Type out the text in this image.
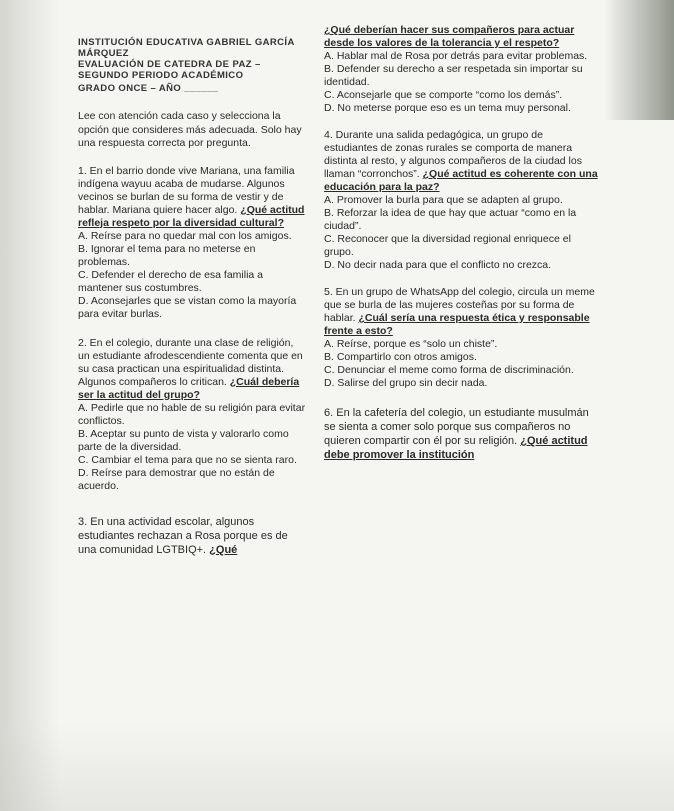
INSTITUCIÓN EDUCATIVA GABRIEL GARCÍA
MÁRQUEZ
EVALUACIÓN DE CATEDRA DE PAZ –
SEGUNDO PERIODO ACADÉMICO
GRADO ONCE – AÑO ______

Lee con atención cada caso y selecciona la opción que consideres más adecuada. Solo hay una respuesta correcta por pregunta.

1. En el barrio donde vive Mariana, una familia indígena wayuu acaba de mudarse. Algunos vecinos se burlan de su forma de vestir y de hablar. Mariana quiere hacer algo. ¿Qué actitud refleja respeto por la diversidad cultural?

A. Reírse para no quedar mal con los amigos.

B. Ignorar el tema para no meterse en problemas.

C. Defender el derecho de esa familia a mantener sus costumbres.

D. Aconsejarles que se vistan como la mayoría para evitar burlas.

2. En el colegio, durante una clase de religión, un estudiante afrodescendiente comenta que en su casa practican una espiritualidad distinta. Algunos compañeros lo critican. ¿Cuál debería ser la actitud del grupo?

A. Pedirle que no hable de su religión para evitar conflictos.

B. Aceptar su punto de vista y valorarlo como parte de la diversidad.

C. Cambiar el tema para que no se sienta raro.

D. Reírse para demostrar que no están de acuerdo.

3. En una actividad escolar, algunos estudiantes rechazan a Rosa porque es de una comunidad LGTBIQ+. ¿Qué

¿Qué deberían hacer sus compañeros para actuar desde los valores de la tolerancia y el respeto?

A. Hablar mal de Rosa por detrás para evitar problemas.

B. Defender su derecho a ser respetada sin importar su identidad.

C. Aconsejarle que se comporte “como los demás”.

D. No meterse porque eso es un tema muy personal.

4. Durante una salida pedagógica, un grupo de estudiantes de zonas rurales se comporta de manera distinta al resto, y algunos compañeros de la ciudad los llaman “corronchos”. ¿Qué actitud es coherente con una educación para la paz?

A. Promover la burla para que se adapten al grupo.

B. Reforzar la idea de que hay que actuar “como en la ciudad”.

C. Reconocer que la diversidad regional enriquece el grupo.

D. No decir nada para que el conflicto no crezca.

5. En un grupo de WhatsApp del colegio, circula un meme que se burla de las mujeres costeñas por su forma de hablar. ¿Cuál sería una respuesta ética y responsable frente a esto?

A. Reírse, porque es “solo un chiste”.

B. Compartirlo con otros amigos.

C. Denunciar el meme como forma de discriminación.

D. Salirse del grupo sin decir nada.

6. En la cafetería del colegio, un estudiante musulmán se sienta a comer solo porque sus compañeros no quieren compartir con él por su religión. ¿Qué actitud debe promover la institución
